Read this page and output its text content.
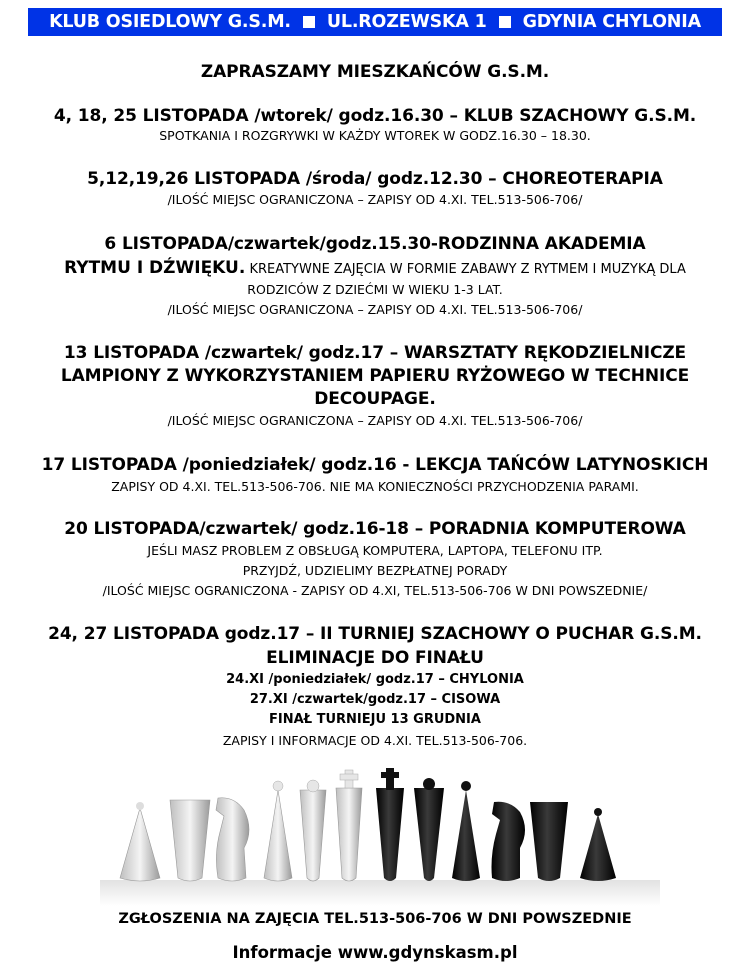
KLUB OSIEDLOWY G.S.M.	UL.ROZEWSKA 1	GDYNIA CHYLONIA
ZAPRASZAMY MIESZKAŃCÓW G.S.M.
4, 18, 25 LISTOPADA /wtorek/ godz.16.30 – KLUB SZACHOWY G.S.M.
SPOTKANIA I ROZGRYWKI W KAŻDY WTOREK W GODZ.16.30 – 18.30.
5,12,19,26 LISTOPADA /środa/ godz.12.30 – CHOREOTERAPIA
/ILOŚĆ MIEJSC OGRANICZONA – ZAPISY OD 4.XI. TEL.513-506-706/
6 LISTOPADA/czwartek/godz.15.30-RODZINNA AKADEMIA
RYTMU I DŹWIĘKU. KREATYWNE ZAJĘCIA W FORMIE ZABAWY Z RYTMEM I MUZYKĄ DLA
RODZICÓW Z DZIEĆMI W WIEKU 1-3 LAT.
/ILOŚĆ MIEJSC OGRANICZONA – ZAPISY OD 4.XI. TEL.513-506-706/
13 LISTOPADA /czwartek/ godz.17 – WARSZTATY RĘKODZIELNICZE
LAMPIONY Z WYKORZYSTANIEM PAPIERU RYŻOWEGO W TECHNICE
DECOUPAGE.
/ILOŚĆ MIEJSC OGRANICZONA – ZAPISY OD 4.XI. TEL.513-506-706/
17 LISTOPADA /poniedziałek/ godz.16 - LEKCJA TAŃCÓW LATYNOSKICH
ZAPISY OD 4.XI. TEL.513-506-706. NIE MA KONIECZNOŚCI PRZYCHODZENIA PARAMI.
20 LISTOPADA/czwartek/ godz.16-18 – PORADNIA KOMPUTEROWA
JEŚLI MASZ PROBLEM Z OBSŁUGĄ KOMPUTERA, LAPTOPA, TELEFONU ITP.
PRZYJDŹ, UDZIELIMY BEZPŁATNEJ PORADY
/ILOŚĆ MIEJSC OGRANICZONA - ZAPISY OD 4.XI, TEL.513-506-706 W DNI POWSZEDNIE/
24, 27 LISTOPADA godz.17 – II TURNIEJ SZACHOWY O PUCHAR G.S.M.
ELIMINACJE DO FINAŁU
24.XI /poniedziałek/ godz.17 – CHYLONIA
27.XI /czwartek/godz.17 – CISOWA
FINAŁ TURNIEJU 13 GRUDNIA
ZAPISY I INFORMACJE OD 4.XI. TEL.513-506-706.
ZGŁOSZENIA NA ZAJĘCIA TEL.513-506-706 W DNI POWSZEDNIE
Informacje www.gdynskasm.pl
